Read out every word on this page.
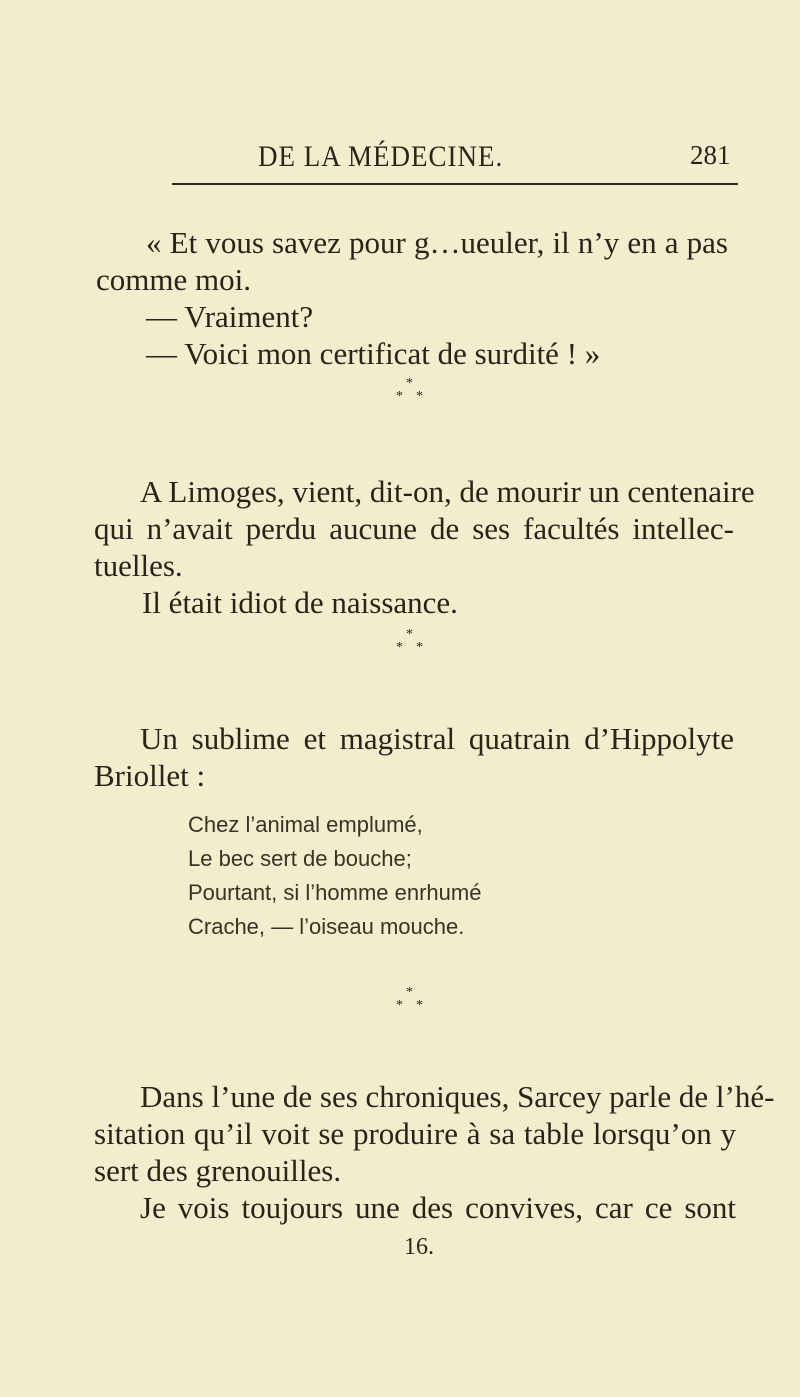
DE LA MÉDECINE.	281
« Et vous savez pour g…ueuler, il n’y en a pas
comme moi.
— Vraiment?
— Voici mon certificat de surdité ! »
*
* *
A Limoges, vient, dit-on, de mourir un centenaire
qui n’avait perdu aucune de ses facultés intellec-
tuelles.
Il était idiot de naissance.
*
* *
Un sublime et magistral quatrain d’Hippolyte
Briollet :
Chez l’animal emplumé,
Le bec sert de bouche;
Pourtant, si l’homme enrhumé
Crache, — l’oiseau mouche.
*
* *
Dans l’une de ses chroniques, Sarcey parle de l’hé-
sitation qu’il voit se produire à sa table lorsqu’on y
sert des grenouilles.
Je vois toujours une des convives, car ce sont
16.
